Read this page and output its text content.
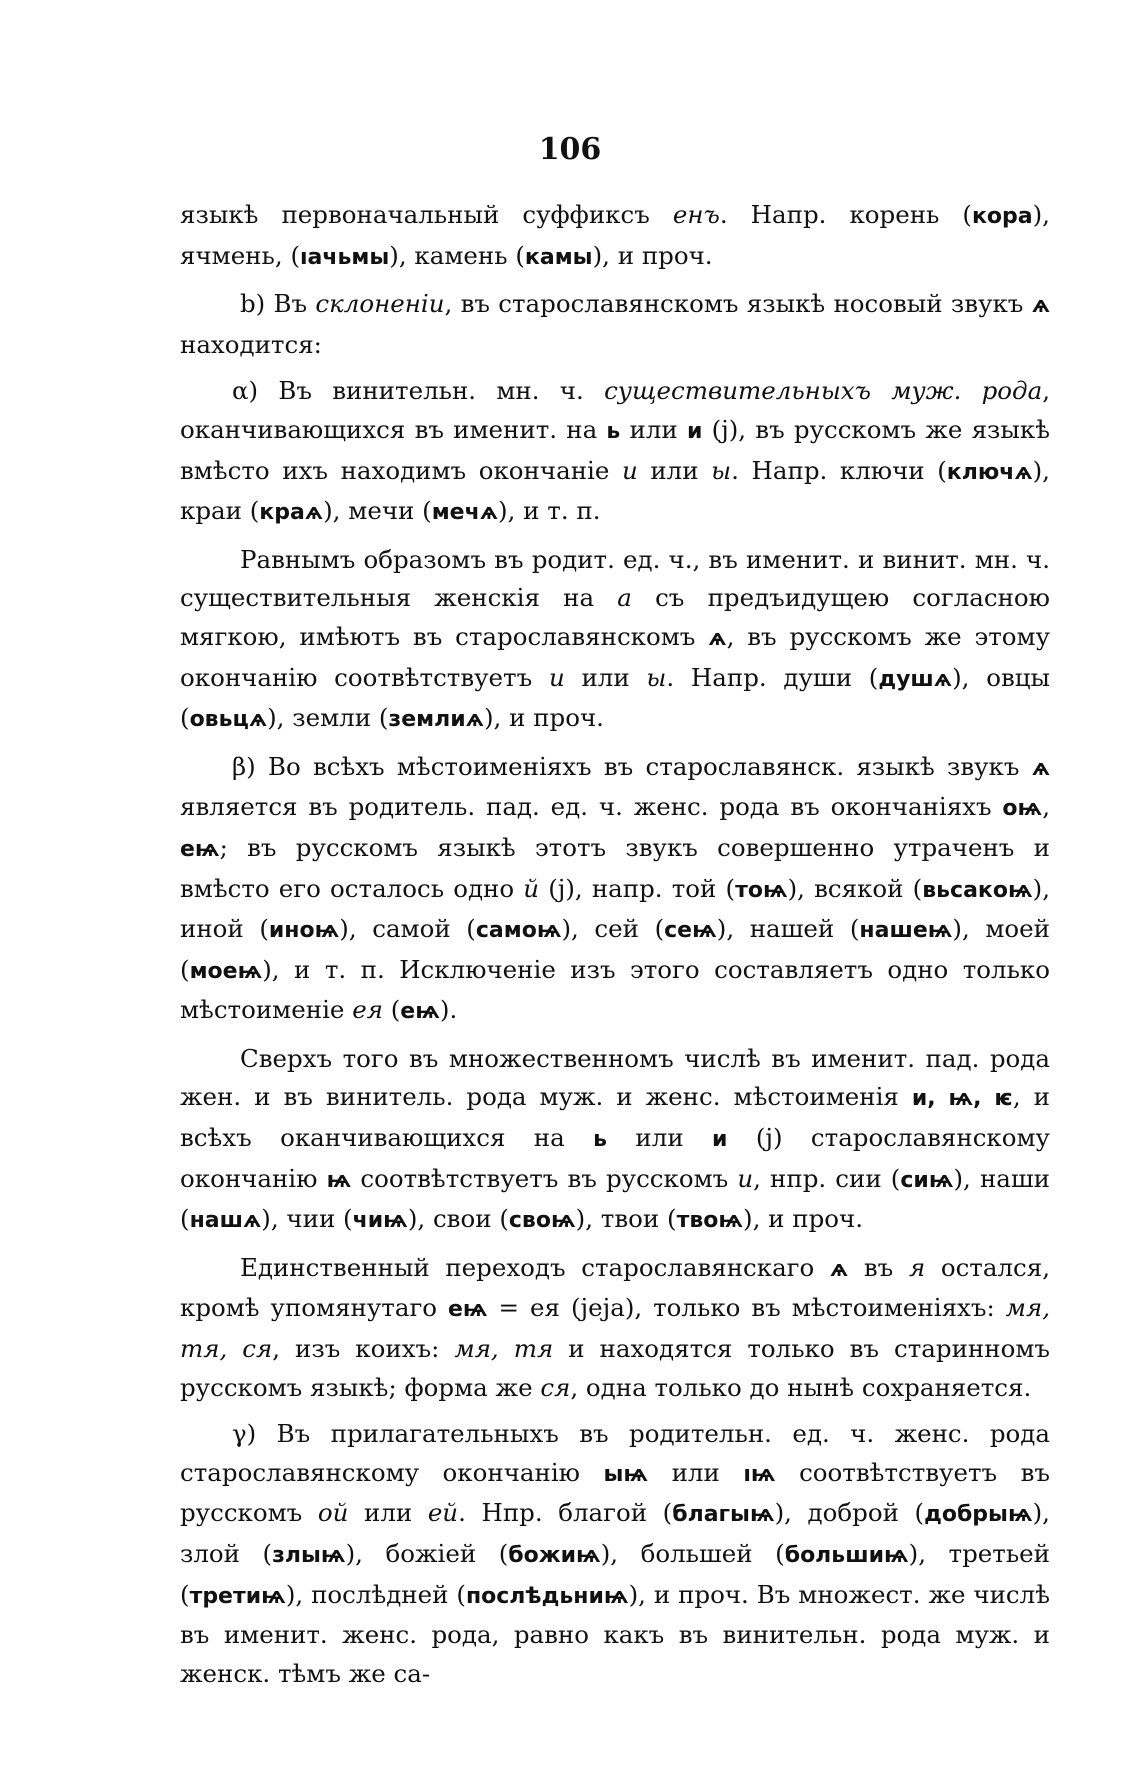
106

языкѣ первоначальный суффиксъ енъ. Напр. корень (кора), ячмень, (ıачьмы), камень (камы), и проч.

b) Въ склоненіи, въ старославянскомъ языкѣ носовый звукъ ѧ находится:

α) Въ винительн. мн. ч. существительныхъ муж. рода, оканчивающихся въ именит. на ь или и (j), въ русскомъ же языкѣ вмѣсто ихъ находимъ окончаніе и или ы. Напр. ключи (ключѧ), краи (краѧ), мечи (мечѧ), и т. п.

Равнымъ образомъ въ родит. ед. ч., въ именит. и винит. мн. ч. существительныя женскія на а съ предъидущею согласною мягкою, имѣютъ въ старославянскомъ ѧ, въ русскомъ же этому окончанію соотвѣтствуетъ и или ы. Напр. души (душѧ), овцы (овьцѧ), земли (землиѧ), и проч.

β) Во всѣхъ мѣстоименіяхъ въ старославянск. языкѣ звукъ ѧ является въ родитель. пад. ед. ч. женс. рода въ окончаніяхъ оѩ, еѩ; въ русскомъ языкѣ этотъ звукъ совершенно утраченъ и вмѣсто его осталось одно й (j), напр. той (тоѩ), всякой (вьсакоѩ), иной (иноѩ), самой (самоѩ), сей (сеѩ), нашей (нашеѩ), моей (моеѩ), и т. п. Исключеніе изъ этого составляетъ одно только мѣстоименіе ея (еѩ).

Сверхъ того въ множественномъ числѣ въ именит. пад. рода жен. и въ винитель. рода муж. и женс. мѣстоименія и, ѩ, ѥ, и всѣхъ оканчивающихся на ь или и (j) старославянскому окончанію ѩ соотвѣтствуетъ въ русскомъ и, нпр. сии (сиѩ), наши (нашѧ), чии (чиѩ), свои (своѩ), твои (твоѩ), и проч.

Единственный переходъ старославянскаго ѧ въ я остался, кромѣ упомянутаго еѩ = ея (jeja), только въ мѣстоименіяхъ: мя, тя, ся, изъ коихъ: мя, тя и находятся только въ старинномъ русскомъ языкѣ; форма же ся, одна только до нынѣ сохраняется.

γ) Въ прилагательныхъ въ родительн. ед. ч. женс. рода старославянскому окончанію ыѩ или ıѩ соотвѣтствуетъ въ русскомъ ой или ей. Нпр. благой (благыѩ), доброй (добрыѩ), злой (злыѩ), божіей (божиѩ), большей (большиѩ), третьей (третиѩ), послѣдней (послѣдьниѩ), и проч. Въ множест. же числѣ въ именит. женс. рода, равно какъ въ винительн. рода муж. и женск. тѣмъ же са-
